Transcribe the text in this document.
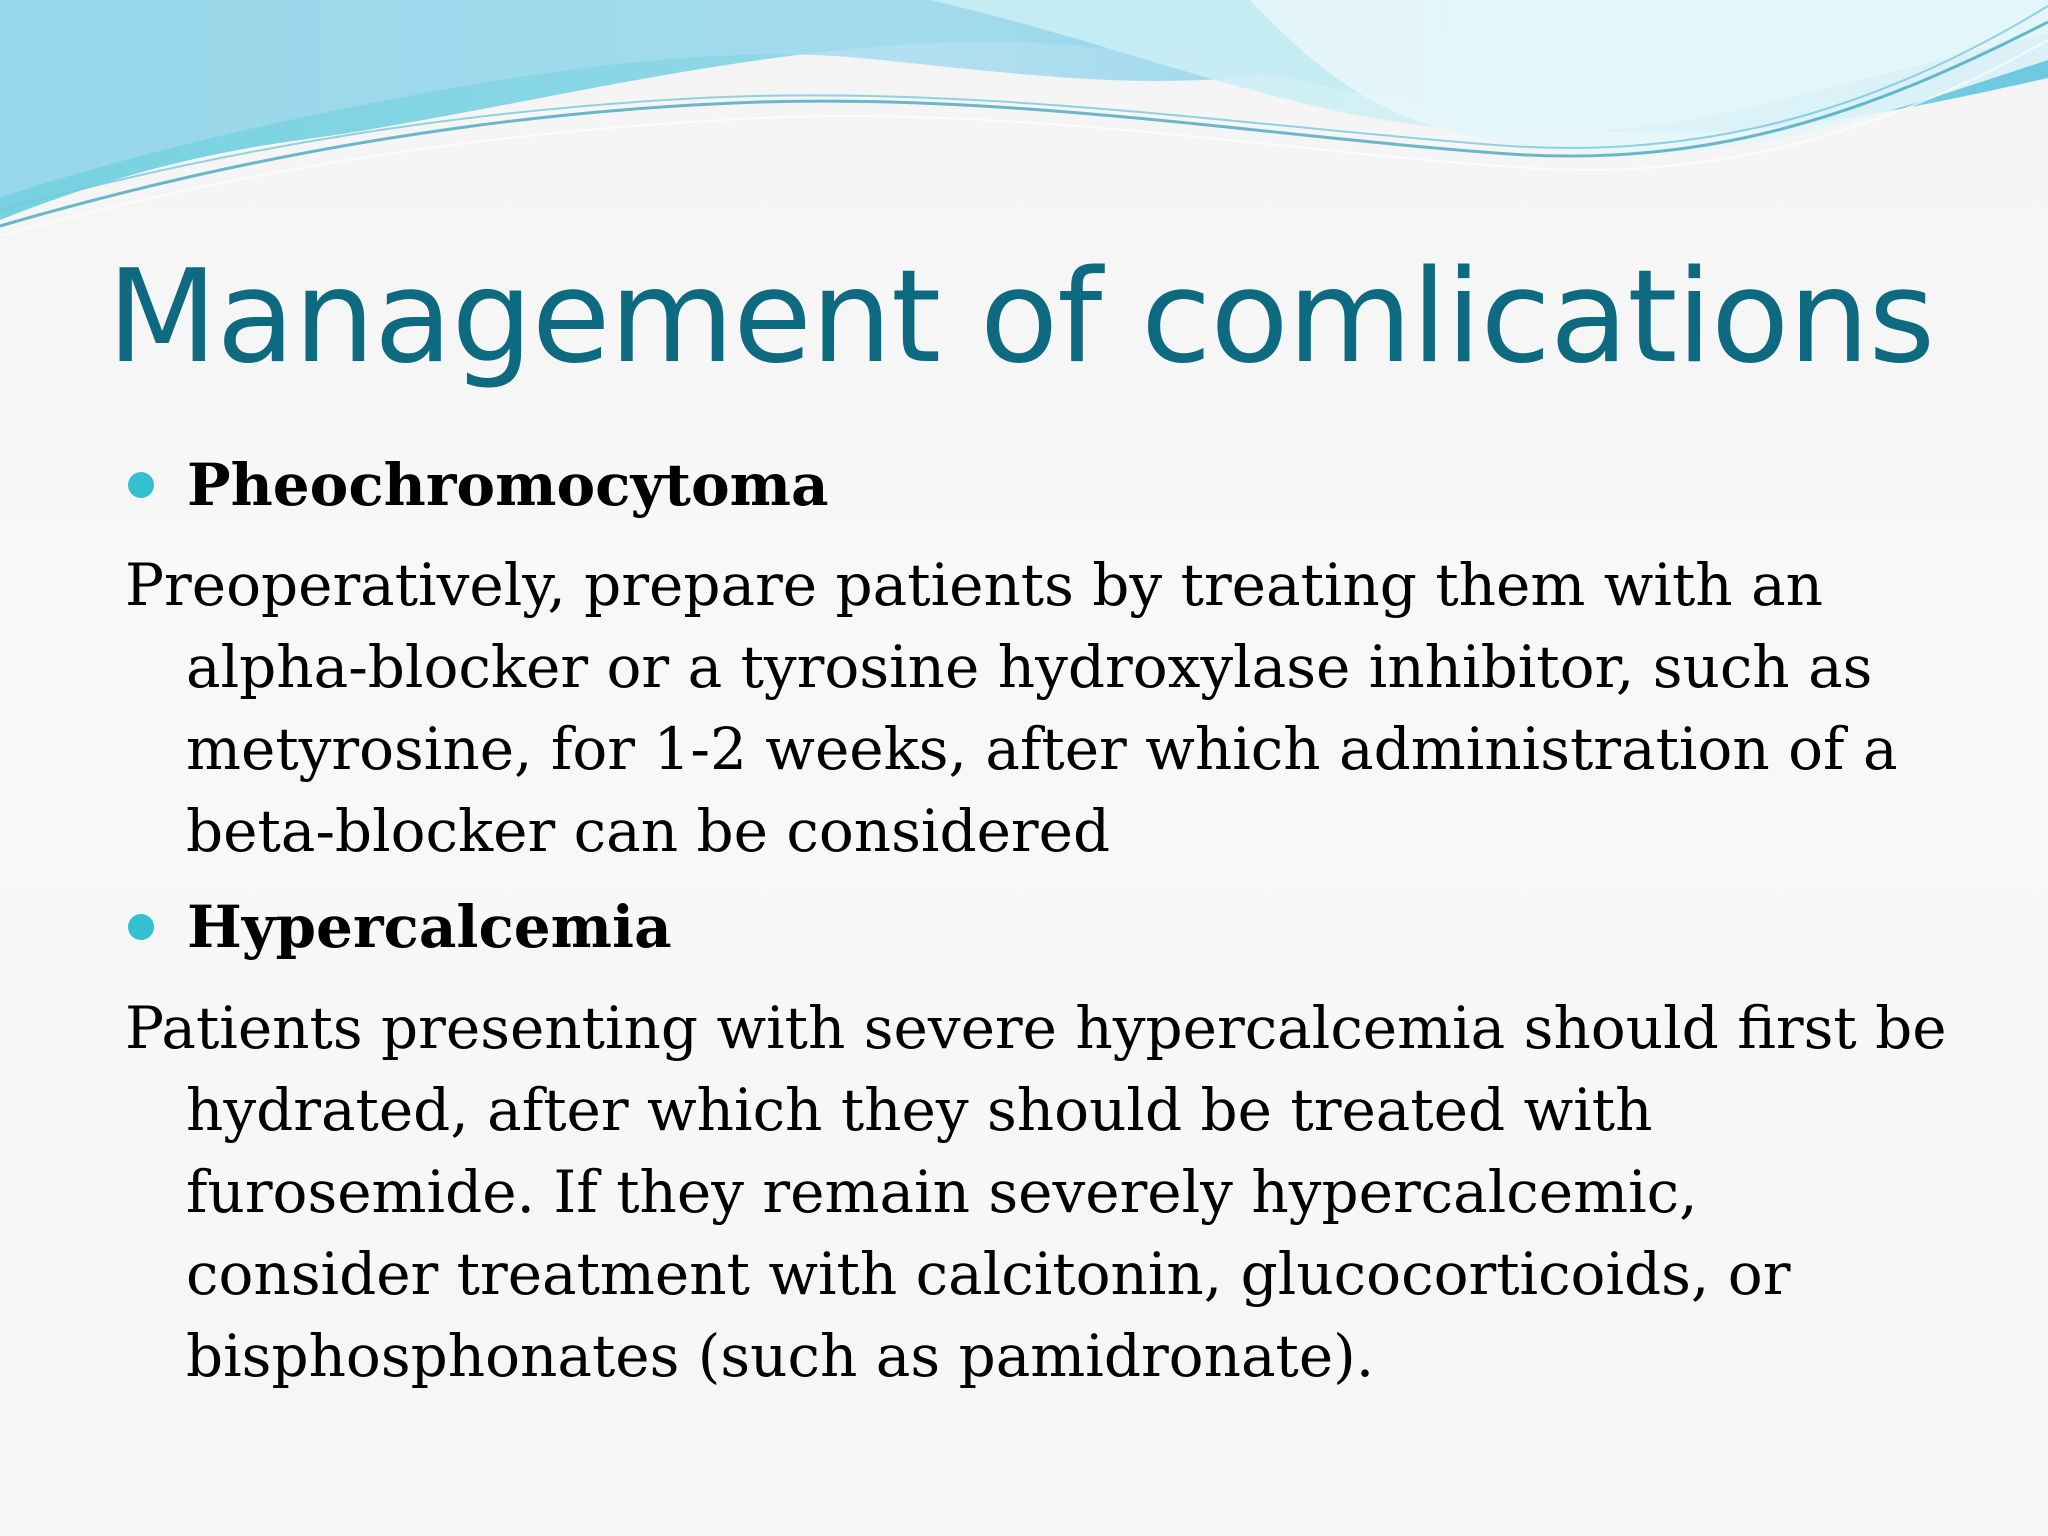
Management of comlications
Pheochromocytoma
Preoperatively, prepare patients by treating them with an
alpha-blocker or a tyrosine hydroxylase inhibitor, such as
metyrosine, for 1-2 weeks, after which administration of a
beta-blocker can be considered
Hypercalcemia
Patients presenting with severe hypercalcemia should first be
hydrated, after which they should be treated with
furosemide. If they remain severely hypercalcemic,
consider treatment with calcitonin, glucocorticoids, or
bisphosphonates (such as pamidronate).
